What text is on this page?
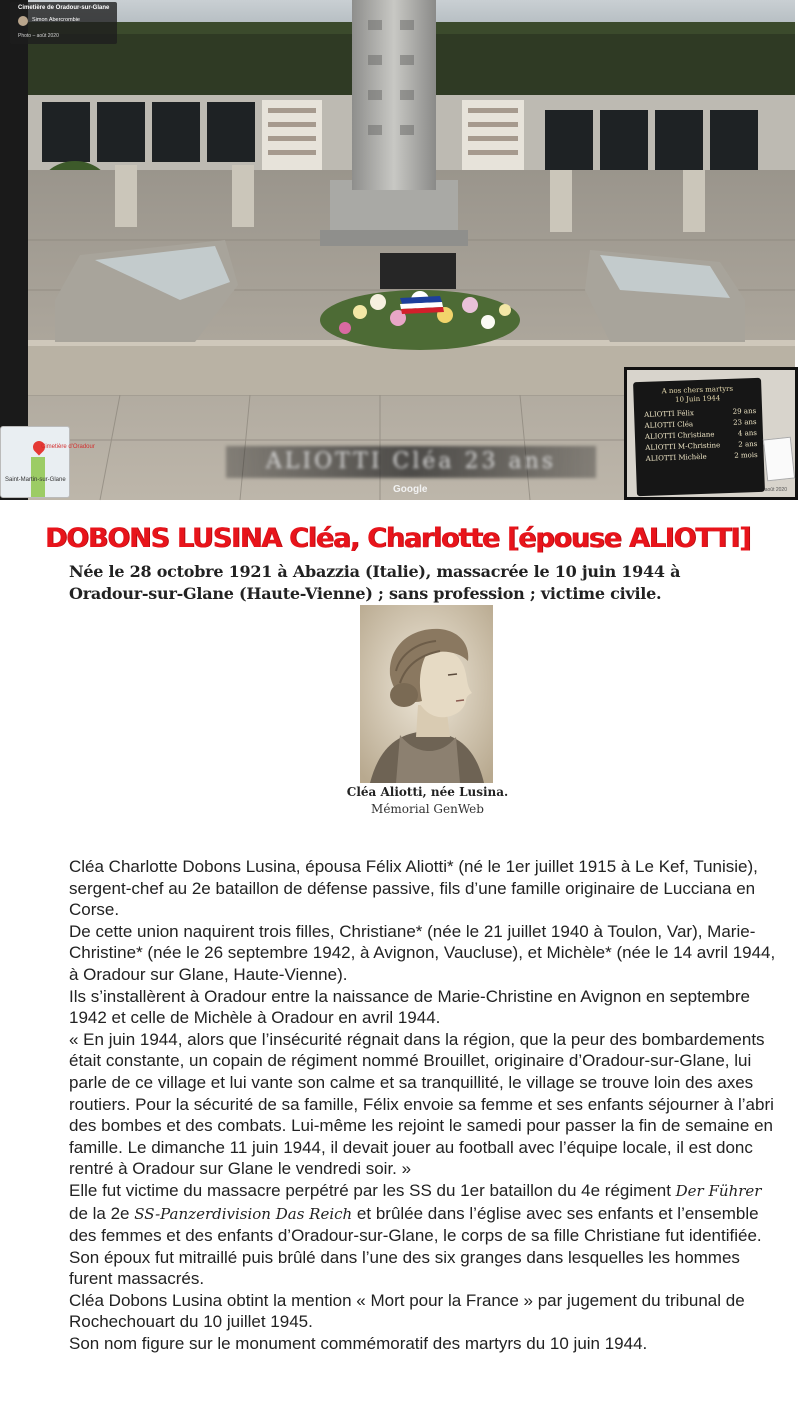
Cimetière de Oradour-sur-Glane
Simon Abercrombie
Photo – août 2020
Cimetière d'Oradour
Saint-Martin-sur-Glane
ALIOTTI Cléa 23 ans
Google
A nos chers martyrs
10 Juin 1944
ALIOTTI Félix	29 ans
ALIOTTI Cléa	23 ans
ALIOTTI Christiane	4 ans
ALIOTTI M-Christine	2 ans
ALIOTTI Michèle	2 mois
août 2020
DOBONS LUSINA Cléa, Charlotte [épouse ALIOTTI]
Née le 28 octobre 1921 à Abazzia (Italie), massacrée le 10 juin 1944 à Oradour-sur-Glane (Haute-Vienne) ; sans profession ; victime civile.
Cléa Aliotti, née Lusina.
Mémorial GenWeb

Cléa Charlotte Dobons Lusina, épousa Félix Aliotti* (né le 1er juillet 1915 à Le Kef, Tunisie), sergent-chef au 2e bataillon de défense passive, fils d’une famille originaire de Lucciana en Corse.

De cette union naquirent trois filles, Christiane* (née le 21 juillet 1940 à Toulon, Var), Marie-Christine* (née le 26 septembre 1942, à Avignon, Vaucluse), et Michèle* (née le 14 avril 1944, à Oradour sur Glane, Haute-Vienne).

Ils s’installèrent à Oradour entre la naissance de Marie-Christine en Avignon en septembre 1942 et celle de Michèle à Oradour en avril 1944.

« En juin 1944, alors que l’insécurité régnait dans la région, que la peur des bombardements était constante, un copain de régiment nommé Brouillet, originaire d’Oradour-sur-Glane, lui parle de ce village et lui vante son calme et sa tranquillité, le village se trouve loin des axes routiers. Pour la sécurité de sa famille, Félix envoie sa femme et ses enfants séjourner à l’abri des bombes et des combats. Lui-même les rejoint le samedi pour passer la fin de semaine en famille. Le dimanche 11 juin 1944, il devait jouer au football avec l’équipe locale, il est donc rentré à Oradour sur Glane le vendredi soir. »

Elle fut victime du massacre perpétré par les SS du 1er bataillon du 4e régiment Der Führer de la 2e SS-Panzerdivision Das Reich et brûlée dans l’église avec ses enfants et l’ensemble des femmes et des enfants d’Oradour-sur-Glane, le corps de sa fille Christiane fut identifiée. Son époux fut mitraillé puis brûlé dans l’une des six granges dans lesquelles les hommes furent massacrés.

Cléa Dobons Lusina obtint la mention « Mort pour la France » par jugement du tribunal de Rochechouart du 10 juillet 1945.

Son nom figure sur le monument commémoratif des martyrs du 10 juin 1944.
